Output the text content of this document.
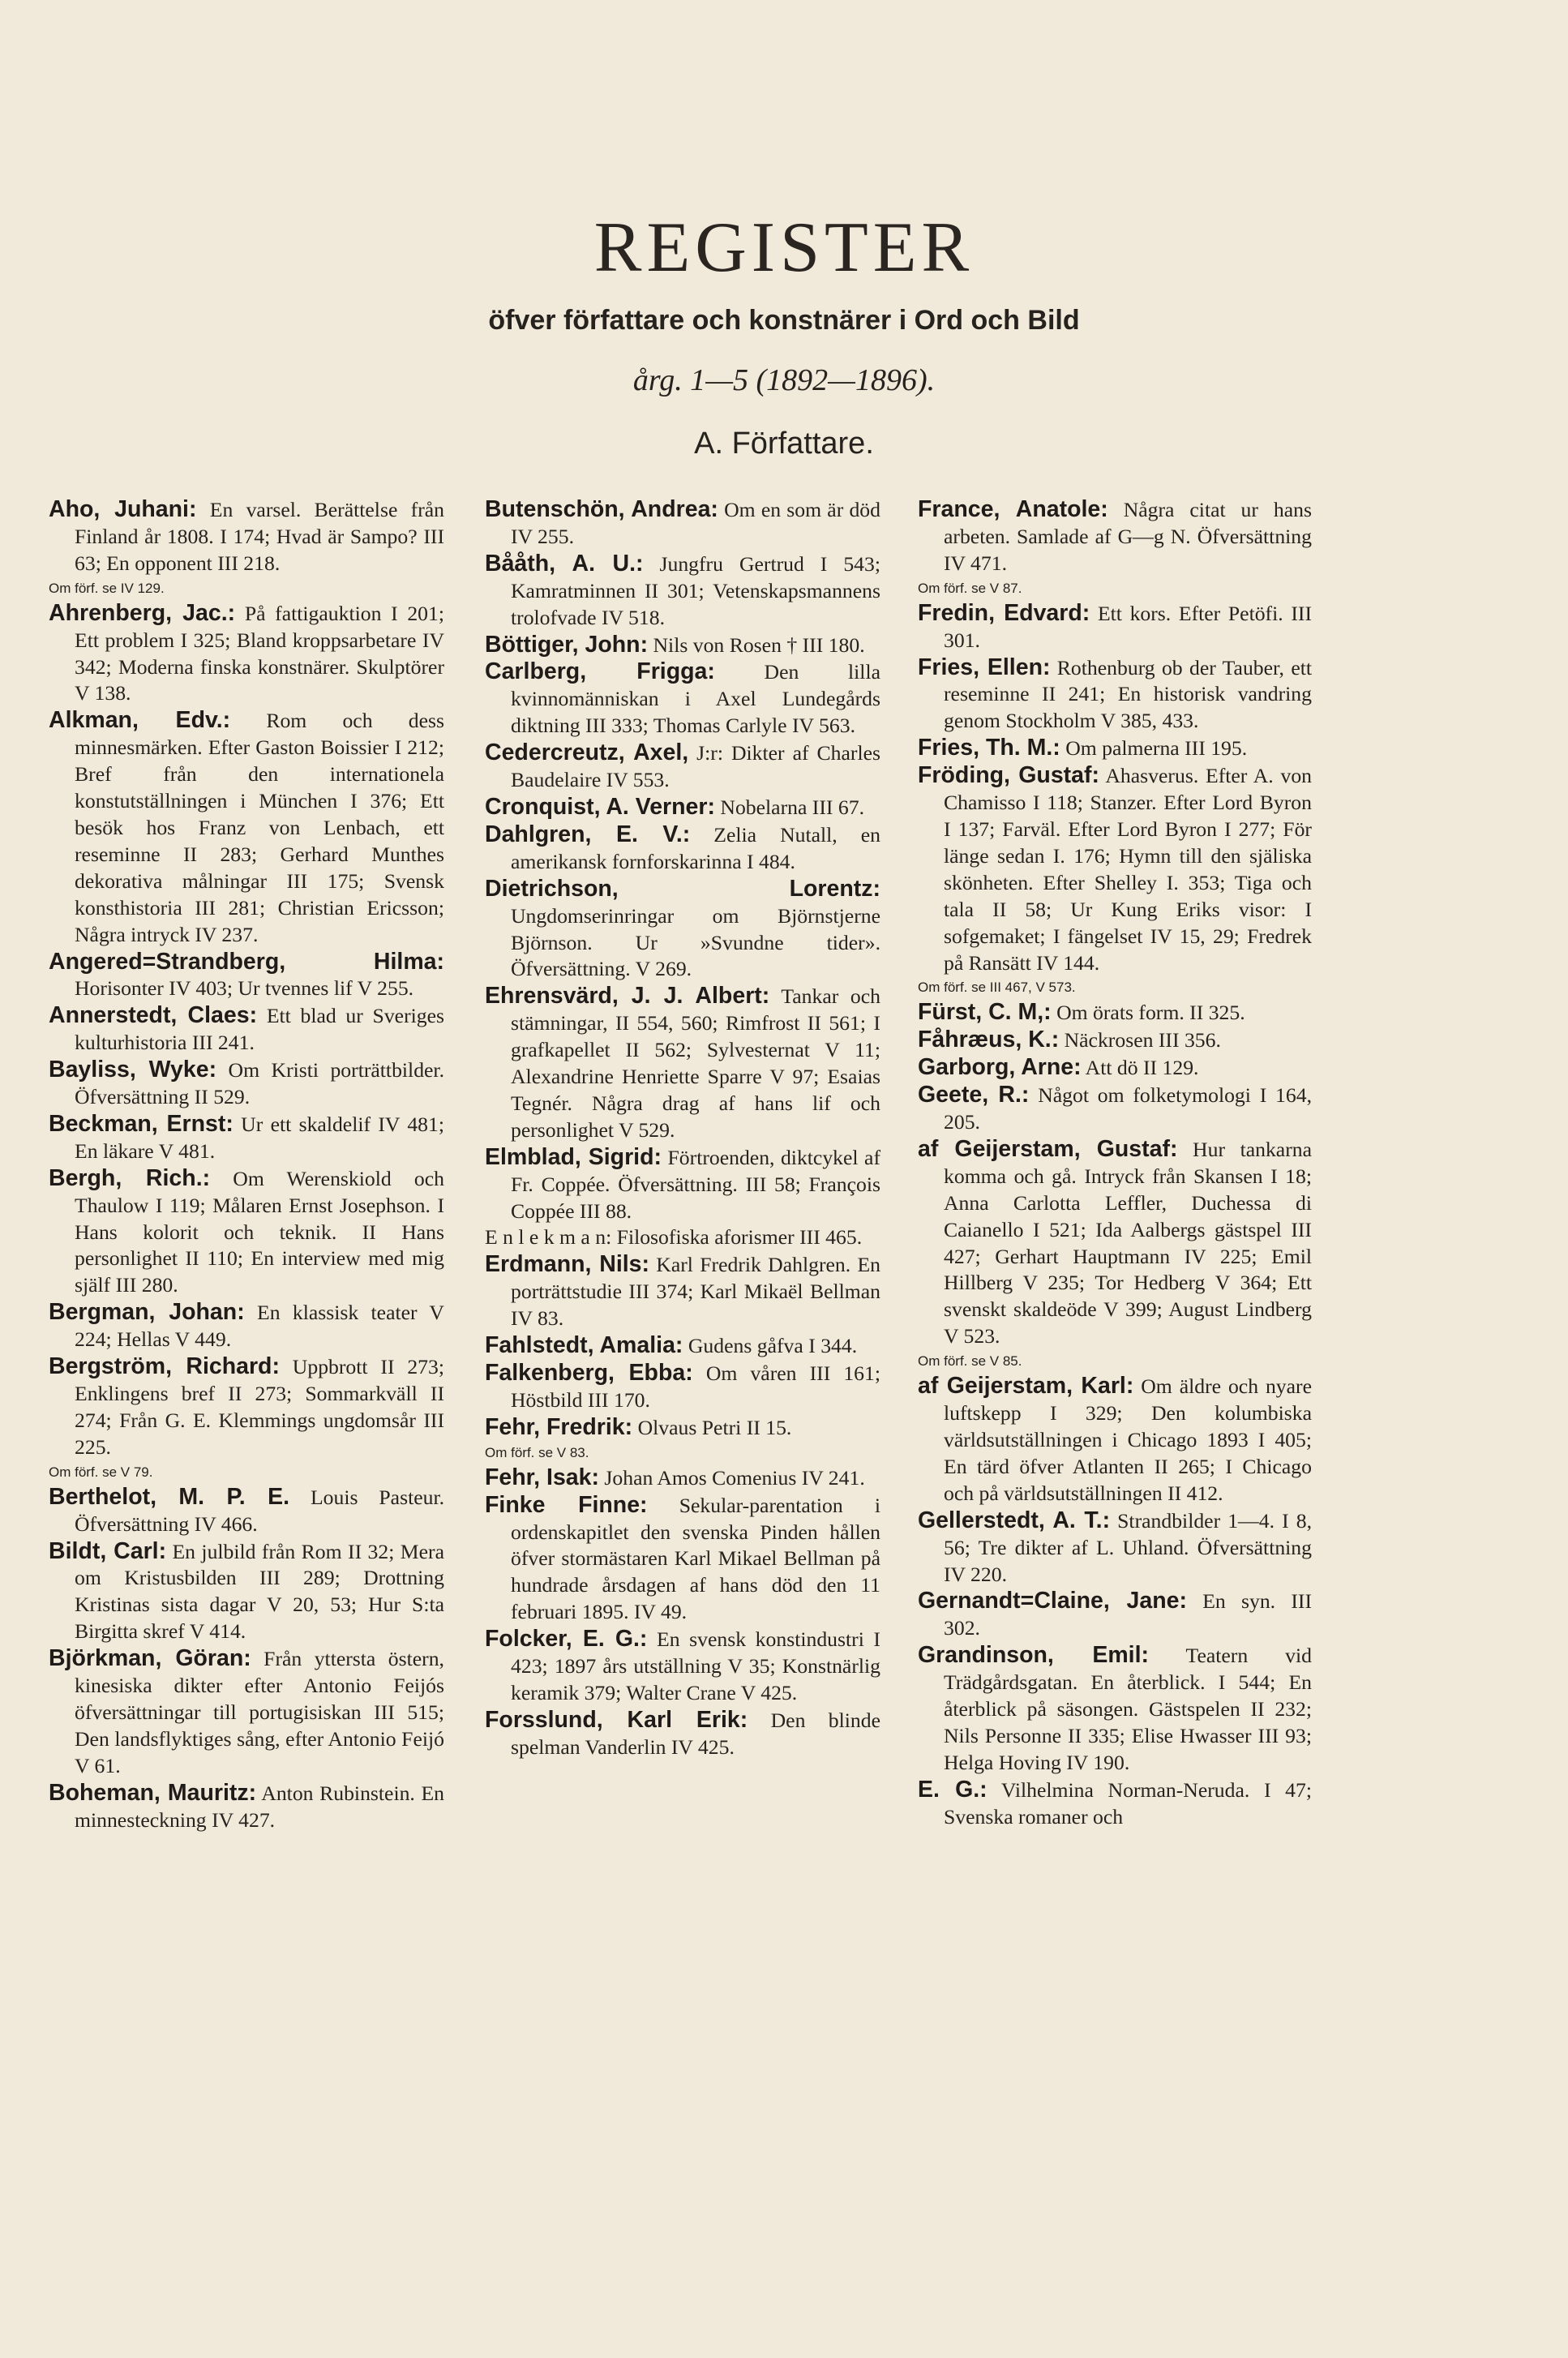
REGISTER
öfver författare och konstnärer i Ord och Bild
årg. 1—5 (1892—1896).
A. Författare.

Aho, Juhani: En varsel. Berättelse från Finland år 1808. I 174; Hvad är Sampo? III 63; En opponent III 218.
Om förf. se IV 129.

Ahrenberg, Jac.: På fattigauktion I 201; Ett problem I 325; Bland kroppsarbetare IV 342; Moderna finska konstnärer. Skulptörer V 138.

Alkman, Edv.: Rom och dess minnesmärken. Efter Gaston Boissier I 212; Bref från den internationela konstutställningen i München I 376; Ett besök hos Franz von Lenbach, ett reseminne II 283; Gerhard Munthes dekorativa målningar III 175; Svensk konsthistoria III 281; Christian Ericsson; Några intryck IV 237.

Angered=Strandberg, Hilma: Horisonter IV 403; Ur tvennes lif V 255.

Annerstedt, Claes: Ett blad ur Sveriges kulturhistoria III 241.

Bayliss, Wyke: Om Kristi porträttbilder. Öfversättning II 529.

Beckman, Ernst: Ur ett skaldelif IV 481; En läkare V 481.

Bergh, Rich.: Om Werenskiold och Thaulow I 119; Målaren Ernst Josephson. I Hans kolorit och teknik. II Hans personlighet II 110; En interview med mig själf III 280.

Bergman, Johan: En klassisk teater V 224; Hellas V 449.

Bergström, Richard: Uppbrott II 273; Enklingens bref II 273; Sommarkväll II 274; Från G. E. Klemmings ungdomsår III 225.
Om förf. se V 79.

Berthelot, M. P. E. Louis Pasteur. Öfversättning IV 466.

Bildt, Carl: En julbild från Rom II 32; Mera om Kristusbilden III 289; Drottning Kristinas sista dagar V 20, 53; Hur S:ta Birgitta skref V 414.

Björkman, Göran: Från yttersta östern, kinesiska dikter efter Antonio Feijós öfversättningar till portugisiskan III 515; Den landsflyktiges sång, efter Antonio Feijó V 61.

Boheman, Mauritz: Anton Rubinstein. En minnesteckning IV 427.

Butenschön, Andrea: Om en som är död IV 255.

Bååth, A. U.: Jungfru Gertrud I 543; Kamratminnen II 301; Vetenskapsmannens trolofvade IV 518.

Böttiger, John: Nils von Rosen † III 180.

Carlberg, Frigga: Den lilla kvinnomänniskan i Axel Lundegårds diktning III 333; Thomas Carlyle IV 563.

Cedercreutz, Axel, J:r: Dikter af Charles Baudelaire IV 553.

Cronquist, A. Verner: Nobelarna III 67.

Dahlgren, E. V.: Zelia Nutall, en amerikansk fornforskarinna I 484.

Dietrichson, Lorentz: Ungdomserinringar om Björnstjerne Björnson. Ur »Svundne tider». Öfversättning. V 269.

Ehrensvärd, J. J. Albert: Tankar och stämningar, II 554, 560; Rimfrost II 561; I grafkapellet II 562; Sylvesternat V 11; Alexandrine Henriette Sparre V 97; Esaias Tegnér. Några drag af hans lif och personlighet V 529.

Elmblad, Sigrid: Förtroenden, diktcykel af Fr. Coppée. Öfversättning. III 58; François Coppée III 88.

E n l e k m a n: Filosofiska aforismer III 465.

Erdmann, Nils: Karl Fredrik Dahlgren. En porträttstudie III 374; Karl Mikaël Bellman IV 83.

Fahlstedt, Amalia: Gudens gåfva I 344.

Falkenberg, Ebba: Om våren III 161; Höstbild III 170.

Fehr, Fredrik: Olvaus Petri II 15.
Om förf. se V 83.

Fehr, Isak: Johan Amos Comenius IV 241.

Finke Finne: Sekular-parentation i ordenskapitlet den svenska Pinden hållen öfver stormästaren Karl Mikael Bellman på hundrade årsdagen af hans död den 11 februari 1895. IV 49.

Folcker, E. G.: En svensk konstindustri I 423; 1897 års utställning V 35; Konstnärlig keramik 379; Walter Crane V 425.

Forsslund, Karl Erik: Den blinde spelman Vanderlin IV 425.

France, Anatole: Några citat ur hans arbeten. Samlade af G—g N. Öfversättning IV 471.
Om förf. se V 87.

Fredin, Edvard: Ett kors. Efter Petöfi. III 301.

Fries, Ellen: Rothenburg ob der Tauber, ett reseminne II 241; En historisk vandring genom Stockholm V 385, 433.

Fries, Th. M.: Om palmerna III 195.

Fröding, Gustaf: Ahasverus. Efter A. von Chamisso I 118; Stanzer. Efter Lord Byron I 137; Farväl. Efter Lord Byron I 277; För länge sedan I. 176; Hymn till den själiska skönheten. Efter Shelley I. 353; Tiga och tala II 58; Ur Kung Eriks visor: I sofgemaket; I fängelset IV 15, 29; Fredrek på Ransätt IV 144.
Om förf. se III 467, V 573.

Fürst, C. M,: Om örats form. II 325.

Fåhræus, K.: Näckrosen III 356.

Garborg, Arne: Att dö II 129.

Geete, R.: Något om folketymologi I 164, 205.

af Geijerstam, Gustaf: Hur tankarna komma och gå. Intryck från Skansen I 18; Anna Carlotta Leffler, Duchessa di Caianello I 521; Ida Aalbergs gästspel III 427; Gerhart Hauptmann IV 225; Emil Hillberg V 235; Tor Hedberg V 364; Ett svenskt skaldeöde V 399; August Lindberg V 523.
Om förf. se V 85.

af Geijerstam, Karl: Om äldre och nyare luftskepp I 329; Den kolumbiska världsutställningen i Chicago 1893 I 405; En tärd öfver Atlanten II 265; I Chicago och på världsutställningen II 412.

Gellerstedt, A. T.: Strandbilder 1—4. I 8, 56; Tre dikter af L. Uhland. Öfversättning IV 220.

Gernandt=Claine, Jane: En syn. III 302.

Grandinson, Emil: Teatern vid Trädgårdsgatan. En återblick. I 544; En återblick på säsongen. Gästspelen II 232; Nils Personne II 335; Elise Hwasser III 93; Helga Hoving IV 190.

E. G.: Vilhelmina Norman-Neruda. I 47; Svenska romaner och
